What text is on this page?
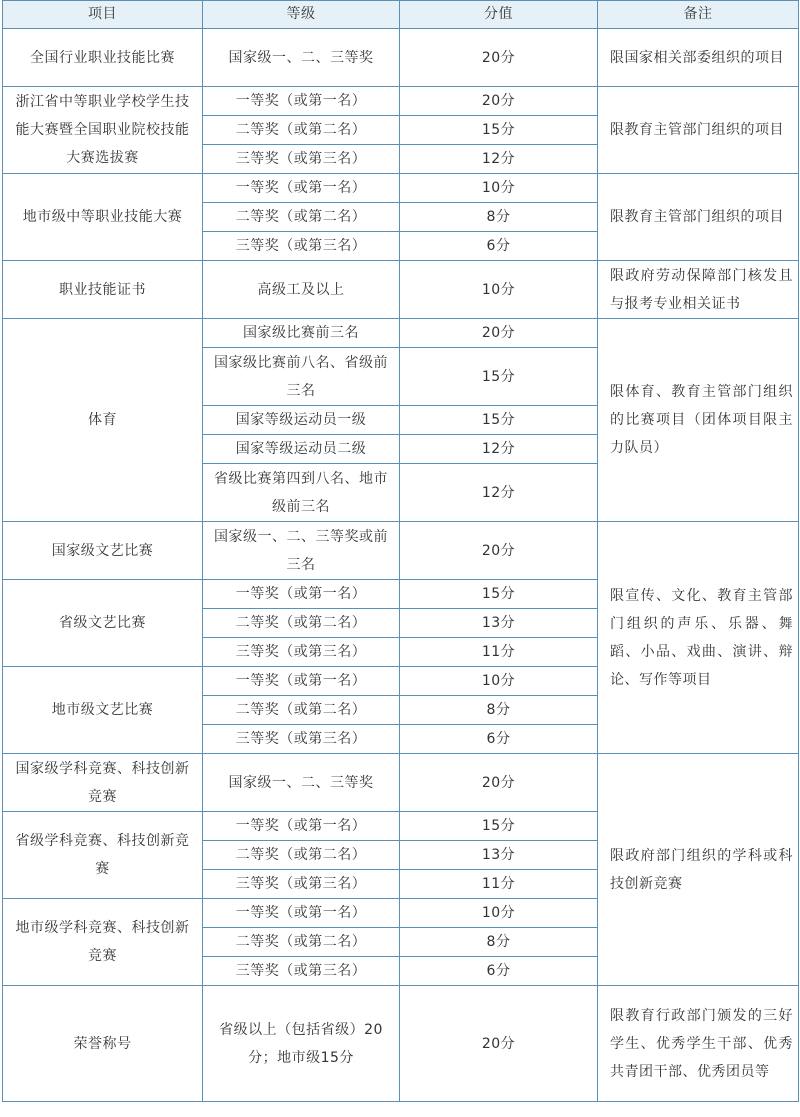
项目	等级	分值	备注
全国行业职业技能比赛	国家级一、二、三等奖	20分	限国家相关部委组织的项目

浙江省中等职业学校学生技能大赛暨全国职业院校技能大赛选拔赛	一等奖（或第一名）	20分	限教育主管部门组织的项目
	二等奖（或第二名）	15分	
	三等奖（或第三名）	12分	
地市级中等职业技能大赛	一等奖（或第一名）	10分	限教育主管部门组织的项目
	二等奖（或第二名）	8分	
	三等奖（或第三名）	6分	
职业技能证书	高级工及以上	10分	限政府劳动保障部门核发且与报考专业相关证书

体育	国家级比赛前三名	20分	限体育、教育主管部门组织的比赛项目（团体项目限主力队员）
	国家级比赛前八名、省级前三名	15分	

	国家等级运动员一级	15分	
	国家等级运动员二级	12分	
	省级比赛第四到八名、地市级前三名	12分	

国家级文艺比赛	国家级一、二、三等奖或前三名	20分	限宣传、文化、教育主管部门组织的声乐、乐器、舞蹈、小品、戏曲、演讲、辩论、写作等项目

省级文艺比赛	一等奖（或第一名）	15分	
	二等奖（或第二名）	13分	
	三等奖（或第三名）	11分	
地市级文艺比赛	一等奖（或第一名）	10分	
	二等奖（或第二名）	8分	
	三等奖（或第三名）	6分	
国家级学科竞赛、科技创新竞赛	国家级一、二、三等奖	20分	限政府部门组织的学科或科技创新竞赛

省级学科竞赛、科技创新竞赛	一等奖（或第一名）	15分	
	二等奖（或第二名）	13分	
	三等奖（或第三名）	11分	
地市级学科竞赛、科技创新竞赛	一等奖（或第一名）	10分	
	二等奖（或第二名）	8分	
	三等奖（或第三名）	6分	
荣誉称号	省级以上（包括省级）20分；地市级15分	20分	限教育行政部门颁发的三好学生、优秀学生干部、优秀共青团干部、优秀团员等
